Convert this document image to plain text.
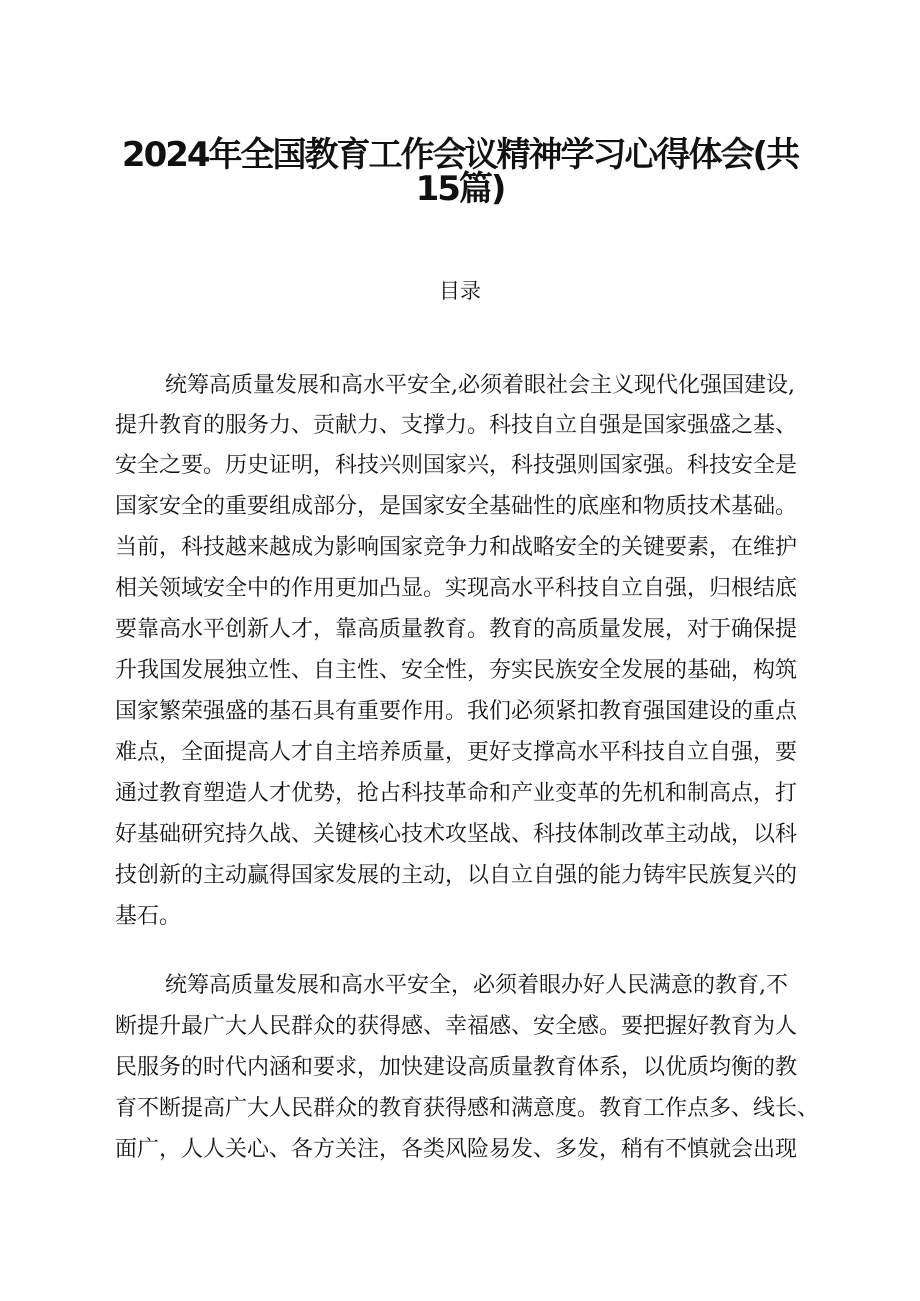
2024年全国教育工作会议精神学习心得体会(共
15篇)
目录
统筹高质量发展和高水平安全,必须着眼社会主义现代化强国建设,
提升教育的服务力、贡献力、支撑力。科技自立自强是国家强盛之基、
安全之要。历史证明，科技兴则国家兴，科技强则国家强。科技安全是
国家安全的重要组成部分，是国家安全基础性的底座和物质技术基础。
当前，科技越来越成为影响国家竞争力和战略安全的关键要素，在维护
相关领域安全中的作用更加凸显。实现高水平科技自立自强，归根结底
要靠高水平创新人才，靠高质量教育。教育的高质量发展，对于确保提
升我国发展独立性、自主性、安全性，夯实民族安全发展的基础，构筑
国家繁荣强盛的基石具有重要作用。我们必须紧扣教育强国建设的重点
难点，全面提高人才自主培养质量，更好支撑高水平科技自立自强，要
通过教育塑造人才优势，抢占科技革命和产业变革的先机和制高点，打
好基础研究持久战、关键核心技术攻坚战、科技体制改革主动战，以科
技创新的主动赢得国家发展的主动，以自立自强的能力铸牢民族复兴的
基石。
统筹高质量发展和高水平安全，必须着眼办好人民满意的教育,不
断提升最广大人民群众的获得感、幸福感、安全感。要把握好教育为人
民服务的时代内涵和要求，加快建设高质量教育体系，以优质均衡的教
育不断提高广大人民群众的教育获得感和满意度。教育工作点多、线长、
面广，人人关心、各方关注，各类风险易发、多发，稍有不慎就会出现
